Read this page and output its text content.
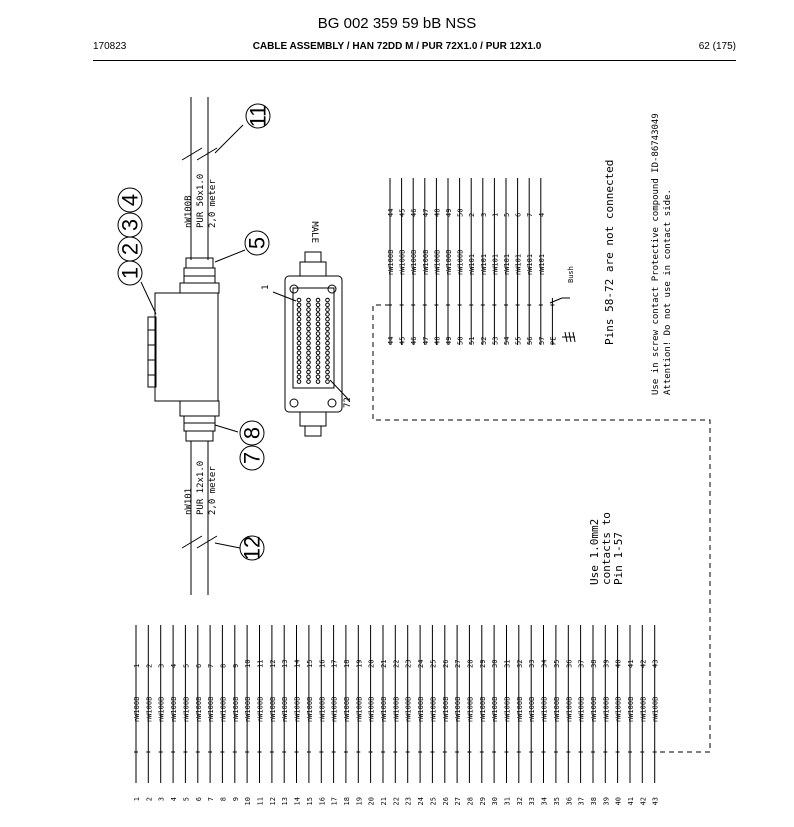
BG 002 359 59 bB NSS
170823	CABLE ASSEMBLY / HAN 72DD M / PUR 72X1.0 / PUR 12X1.0	62 (175)
11
4
3
2
1
5
8
7
12
nW100B PUR 50x1.0 2,0 meter
nW101 PUR 12x1.0 2,0 meter
MALE
1
72
Bush	Pins 58-72 are not connected
Use 1.0mm2 contacts to Pin 1-57
Use in screw contact Protective compound ID-86743049 Attention! Do not use in contact side.
44
nW100B
44
45
nW100B
45
46
nW100B
46
47
nW100B
47
48
nW100B
48
49
nW100B
49
50
nW100B
50
51
nW101
2
52
nW101
3
53
nW101
1
54
nW101
5
55
nW101
6
56
nW101
7
57
nW101
4
PE
1
nW100B
1
2
nW100B
2
3
nW100B
3
4
nW100B
4
5
nW100B
5
6
nW100B
6
7
nW100B
7
8
nW100B
8
9
nW100B
9
10
nW100B
10
11
nW100B
11
12
nW100B
12
13
nW100B
13
14
nW100B
14
15
nW100B
15
16
nW100B
16
17
nW100B
17
18
nW100B
18
19
nW100B
19
20
nW100B
20
21
nW100B
21
22
nW100B
22
23
nW100B
23
24
nW100B
24
25
nW100B
25
26
nW100B
26
27
nW100B
27
28
nW100B
28
29
nW100B
29
30
nW100B
30
31
nW100B
31
32
nW100B
32
33
nW100B
33
34
nW100B
34
35
nW100B
35
36
nW100B
36
37
nW100B
37
38
nW100B
38
39
nW100B
39
40
nW100B
40
41
nW100B
41
42
nW100B
42
43
nW100B
43
